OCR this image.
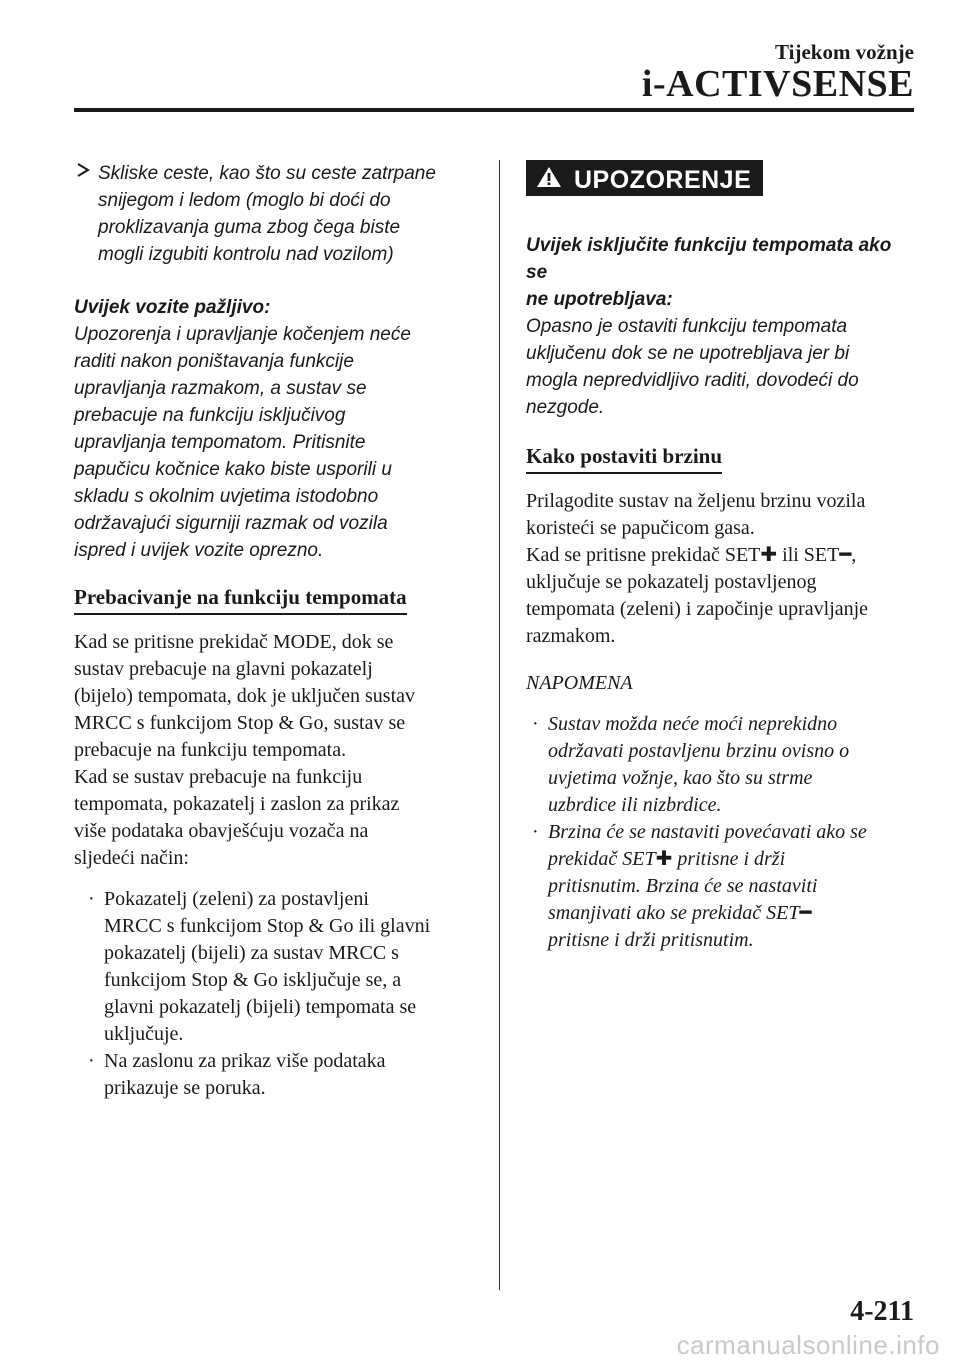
Tijekom vožnje
i-ACTIVSENSE
Skliske ceste, kao što su ceste zatrpane
snijegom i ledom (moglo bi doći do
proklizavanja guma zbog čega biste
mogli izgubiti kontrolu nad vozilom)
Uvijek vozite pažljivo:
Upozorenja i upravljanje kočenjem neće
raditi nakon poništavanja funkcije
upravljanja razmakom, a sustav se
prebacuje na funkciju isključivog
upravljanja tempomatom. Pritisnite
papučicu kočnice kako biste usporili u
skladu s okolnim uvjetima istodobno
održavajući sigurniji razmak od vozila
ispred i uvijek vozite oprezno.
Prebacivanje na funkciju tempomata
Kad se pritisne prekidač MODE, dok se
sustav prebacuje na glavni pokazatelj
(bijelo) tempomata, dok je uključen sustav
MRCC s funkcijom Stop & Go, sustav se
prebacuje na funkciju tempomata.
Kad se sustav prebacuje na funkciju
tempomata, pokazatelj i zaslon za prikaz
više podataka obavješćuju vozača na
sljedeći način:
· Pokazatelj (zeleni) za postavljeni
MRCC s funkcijom Stop & Go ili glavni
pokazatelj (bijeli) za sustav MRCC s
funkcijom Stop & Go isključuje se, a
glavni pokazatelj (bijeli) tempomata se
uključuje.
· Na zaslonu za prikaz više podataka
prikazuje se poruka.
UPOZORENJE
Uvijek isključite funkciju tempomata ako se
ne upotrebljava:
Opasno je ostaviti funkciju tempomata
uključenu dok se ne upotrebljava jer bi
mogla nepredvidljivo raditi, dovodeći do
nezgode.
Kako postaviti brzinu
Prilagodite sustav na željenu brzinu vozila
koristeći se papučicom gasa.
Kad se pritisne prekidač SET✚ ili SET━,
uključuje se pokazatelj postavljenog
tempomata (zeleni) i započinje upravljanje
razmakom.
NAPOMENA
· Sustav možda neće moći neprekidno
održavati postavljenu brzinu ovisno o
uvjetima vožnje, kao što su strme
uzbrdice ili nizbrdice.
· Brzina će se nastaviti povećavati ako se
prekidač SET✚ pritisne i drži
pritisnutim. Brzina će se nastaviti
smanjivati ako se prekidač SET━
pritisne i drži pritisnutim.
4-211
carmanualsonline.info
